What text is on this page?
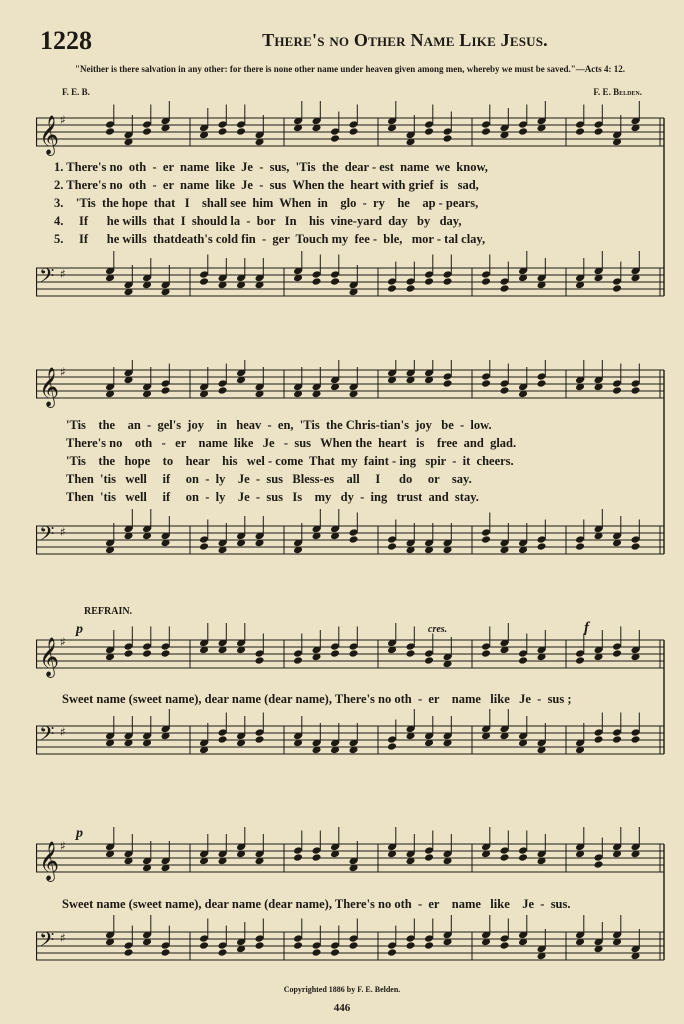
1228	There's no Other Name Like Jesus.
"Neither is there salvation in any other: for there is none other name under heaven given among men, whereby we must be saved."—Acts 4: 12.
F. E. B.	F. E. Belden.
𝄞 ♯
𝄢 ♯
1. There's no  oth  -  er  name  like  Je  -  sus,  'Tis  the  dear - est  name  we  know,
2. There's no  oth  -  er  name  like  Je  -  sus  When the  heart with grief  is   sad,
3.    'Tis  the hope  that   I    shall see  him  When  in    glo  -  ry    he    ap - pears,
4.     If      he wills  that  I  should la  -  bor   In    his  vine-yard  day   by   day,
5.     If      he wills  thatdeath's cold fin  -  ger  Touch my  fee -  ble,   mor - tal clay,
𝄞 ♯
𝄢 ♯
'Tis    the    an  -  gel's  joy    in   heav  -  en,  'Tis  the Chris-tian's  joy   be  -  low.
There's no    oth   -   er    name  like   Je   -  sus   When the  heart   is    free  and  glad.
'Tis    the   hope    to    hear    his   wel - come  That  my  faint - ing   spir  -  it  cheers.
Then  'tis   well     if     on  -  ly    Je  -  sus   Bless-es    all     I      do     or    say.
Then  'tis   well     if     on  -  ly    Je  -  sus   Is    my   dy  -  ing   trust  and  stay.
REFRAIN.
𝄞 ♯
𝄢 ♯
Sweet name (sweet name), dear name (dear name), There's no oth  -  er    name   like   Je  -  sus ;
p	cres.	f
𝄞 ♯
𝄢 ♯
Sweet name (sweet name), dear name (dear name), There's no oth  -  er    name   like    Je  -  sus.
p
Copyrighted 1886 by F. E. Belden.
446
